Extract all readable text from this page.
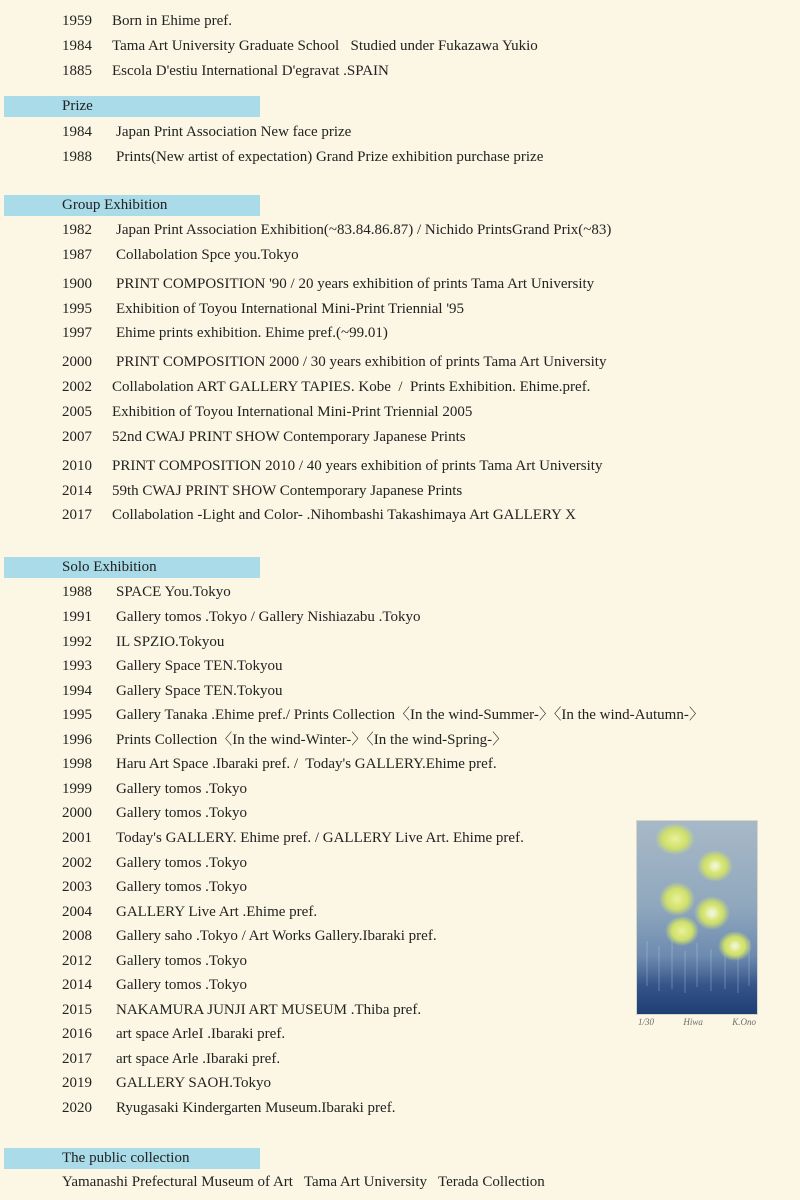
1959 Born in Ehime pref.
1984 Tama Art University Graduate School   Studied under Fukazawa Yukio
1885 Escola D'estiu International D'egravat .SPAIN
Prize
1984 Japan Print Association New face prize
1988 Prints(New artist of expectation) Grand Prize exhibition purchase prize
Group Exhibition
1982 Japan Print Association Exhibition(~83.84.86.87) / Nichido PrintsGrand Prix(~83)
1987 Collabolation Spce you.Tokyo
1900 PRINT COMPOSITION '90 / 20 years exhibition of prints Tama Art University
1995 Exhibition of Toyou International Mini-Print Triennial '95
1997 Ehime prints exhibition. Ehime pref.(~99.01)
2000 PRINT COMPOSITION 2000 / 30 years exhibition of prints Tama Art University
2002 Collabolation ART GALLERY TAPIES. Kobe  /  Prints Exhibition. Ehime.pref.
2005 Exhibition of Toyou International Mini-Print Triennial 2005
2007 52nd CWAJ PRINT SHOW Contemporary Japanese Prints
2010 PRINT COMPOSITION 2010 / 40 years exhibition of prints Tama Art University
2014 59th CWAJ PRINT SHOW Contemporary Japanese Prints
2017 Collabolation -Light and Color- .Nihombashi Takashimaya Art GALLERY X
Solo Exhibition
1988 SPACE You.Tokyo
1991 Gallery tomos .Tokyo / Gallery Nishiazabu .Tokyo
1992 IL SPZIO.Tokyou
1993 Gallery Space TEN.Tokyou
1994 Gallery Space TEN.Tokyou
1995 Gallery Tanaka .Ehime pref./ Prints Collection〈In the wind-Summer-〉〈In the wind-Autumn-〉
1996 Prints Collection〈In the wind-Winter-〉〈In the wind-Spring-〉
1998 Haru Art Space .Ibaraki pref. /  Today's GALLERY.Ehime pref.
1999 Gallery tomos .Tokyo
2000 Gallery tomos .Tokyo
2001 Today's GALLERY. Ehime pref. / GALLERY Live Art. Ehime pref.
2002 Gallery tomos .Tokyo
2003 Gallery tomos .Tokyo
2004 GALLERY Live Art .Ehime pref.
2008 Gallery saho .Tokyo / Art Works Gallery.Ibaraki pref.
2012 Gallery tomos .Tokyo
2014 Gallery tomos .Tokyo
2015 NAKAMURA JUNJI ART MUSEUM .Thiba pref.
2016 art space ArleI .Ibaraki pref.
2017 art space Arle .Ibaraki pref.
2019 GALLERY SAOH.Tokyo
2020 Ryugasaki Kindergarten Museum.Ibaraki pref.
1/30	Hiwa	K.Ono
The public collection
Yamanashi Prefectural Museum of Art   Tama Art University   Terada Collection
